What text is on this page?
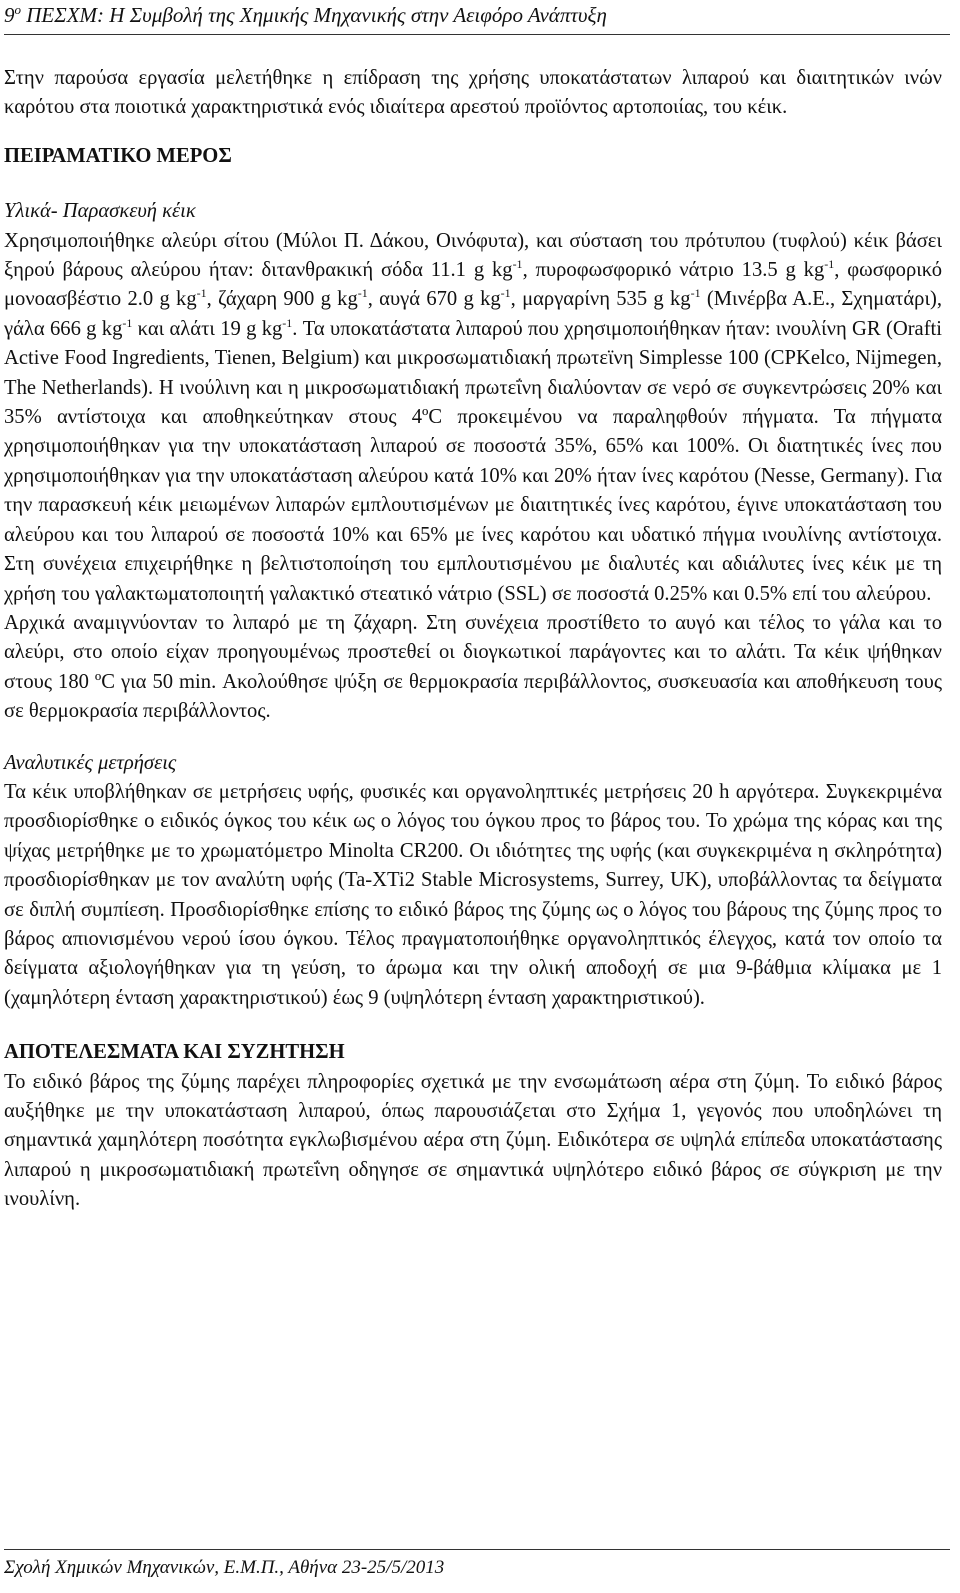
$9^o$ ΠΕΣΧΜ: Η Συμβολή της Χημικής Μηχανικής στην Αειφόρο Ανάπτυξη

Στην παρούσα εργασία μελετήθηκε η επίδραση της χρήσης υποκατάστατων λιπαρού και διαιτητικών ινών καρότου στα ποιοτικά χαρακτηριστικά ενός ιδιαίτερα αρεστού προϊόντος αρτοποιίας, του κέικ.

ΠΕΙΡΑΜΑΤΙΚΟ ΜΕΡΟΣ
Υλικά- Παρασκευή κέικ

Χρησιμοποιήθηκε αλεύρι σίτου (Μύλοι Π. Δάκου, Οινόφυτα), και σύσταση του πρότυπου (τυφλού) κέικ βάσει ξηρού βάρους αλεύρου ήταν: διτανθρακική σόδα 11.1 g $kg^{-1}$, πυροφωσφορικό νάτριο 13.5 g $kg^{-1}$, φωσφορικό μονοασβέστιο 2.0 g $kg^{-1}$, ζάχαρη 900 g $kg^{-1}$, αυγά 670 g $kg^{-1}$, μαργαρίνη 535 g $kg^{-1}$ (Μινέρβα Α.Ε., Σχηματάρι), γάλα 666 g $kg^{-1}$ και αλάτι 19 g $kg^{-1}$. Τα υποκατάστατα λιπαρού που χρησιμοποιήθηκαν ήταν: ινουλίνη GR (Orafti Active Food Ingredients, Tienen, Belgium) και μικροσωματιδιακή πρωτεϊνη Simplesse 100 (CPKelco, Nijmegen, The Netherlands). Η ινούλινη και η μικροσωματιδιακή πρωτεΐνη διαλύονταν σε νερό σε συγκεντρώσεις 20% και 35% αντίστοιχα και αποθηκεύτηκαν στους 4ºC προκειμένου να παραληφθούν πήγματα. Τα πήγματα χρησιμοποιήθηκαν για την υποκατάσταση λιπαρού σε ποσοστά 35%, 65% και 100%. Οι διατητικές ίνες που χρησιμοποιήθηκαν για την υποκατάσταση αλεύρου κατά 10% και 20% ήταν ίνες καρότου (Nesse, Germany). Για την παρασκευή κέικ μειωμένων λιπαρών εμπλουτισμένων με διαιτητικές ίνες καρότου, έγινε υποκατάσταση του αλεύρου και του λιπαρού σε ποσοστά 10% και 65% με ίνες καρότου και υδατικό πήγμα ινουλίνης αντίστοιχα. Στη συνέχεια επιχειρήθηκε η βελτιστοποίηση του εμπλουτισμένου με διαλυτές και αδιάλυτες ίνες κέικ με τη χρήση του γαλακτωματοποιητή γαλακτικό στεατικό νάτριο (SSL) σε ποσοστά 0.25% και 0.5% επί του αλεύρου.

Αρχικά αναμιγνύονταν το λιπαρό με τη ζάχαρη. Στη συνέχεια προστίθετο το αυγό και τέλος το γάλα και το αλεύρι, στο οποίο είχαν προηγουμένως προστεθεί οι διογκωτικοί παράγοντες και το αλάτι. Τα κέικ ψήθηκαν στους 180 ºC για 50 min. Ακολούθησε ψύξη σε θερμοκρασία περιβάλλοντος, συσκευασία και αποθήκευση τους σε θερμοκρασία περιβάλλοντος.

Αναλυτικές μετρήσεις

Τα κέικ υποβλήθηκαν σε μετρήσεις υφής, φυσικές και οργανοληπτικές μετρήσεις 20 h αργότερα. Συγκεκριμένα προσδιορίσθηκε ο ειδικός όγκος του κέικ ως ο λόγος του όγκου προς το βάρος του. Το χρώμα της κόρας και της ψίχας μετρήθηκε με το χρωματόμετρο Minolta CR200. Οι ιδιότητες της υφής (και συγκεκριμένα η σκληρότητα) προσδιορίσθηκαν με τον αναλύτη υφής (Ta-XTi2 Stable Microsystems, Surrey, UK), υποβάλλοντας τα δείγματα σε διπλή συμπίεση. Προσδιορίσθηκε επίσης το ειδικό βάρος της ζύμης ως ο λόγος του βάρους της ζύμης προς το βάρος απιονισμένου νερού ίσου όγκου. Τέλος πραγματοποιήθηκε οργανοληπτικός έλεγχος, κατά τον οποίο τα δείγματα αξιολογήθηκαν για τη γεύση, το άρωμα και την ολική αποδοχή σε μια 9-βάθμια κλίμακα με 1 (χαμηλότερη ένταση χαρακτηριστικού) έως 9 (υψηλότερη ένταση χαρακτηριστικού).

ΑΠΟΤΕΛΕΣΜΑΤΑ ΚΑΙ ΣΥΖΗΤΗΣΗ

Το ειδικό βάρος της ζύμης παρέχει πληροφορίες σχετικά με την ενσωμάτωση αέρα στη ζύμη. Το ειδικό βάρος αυξήθηκε με την υποκατάσταση λιπαρού, όπως παρουσιάζεται στο Σχήμα 1, γεγονός που υποδηλώνει τη σημαντικά χαμηλότερη ποσότητα εγκλωβισμένου αέρα στη ζύμη. Ειδικότερα σε υψηλά επίπεδα υποκατάστασης λιπαρού η μικροσωματιδιακή πρωτεΐνη οδηγησε σε σημαντικά υψηλότερο ειδικό βάρος σε σύγκριση με την ινουλίνη.

Σχολή Χημικών Μηχανικών, Ε.Μ.Π., Αθήνα 23-25/5/2013
